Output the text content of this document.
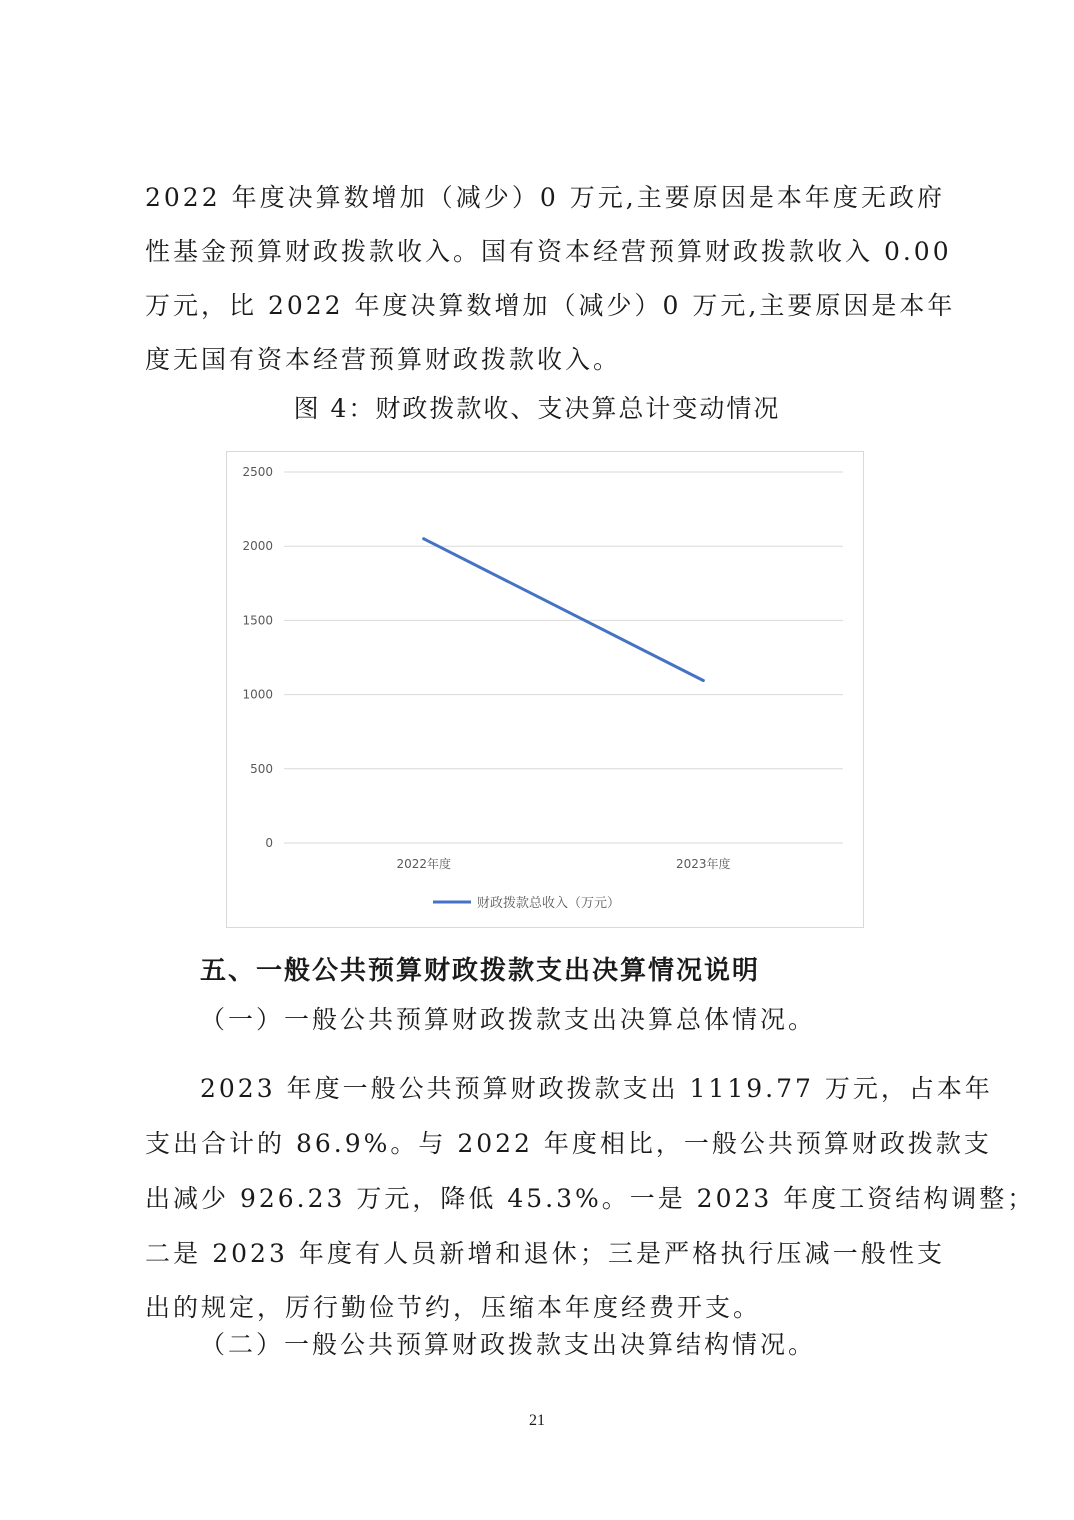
2022 年度决算数增加（减少）0 万元,主要原因是本年度无政府

性基金预算财政拨款收入。国有资本经营预算财政拨款收入 0.00

万元，比 2022 年度决算数增加（减少）0 万元,主要原因是本年

度无国有资本经营预算财政拨款收入。

图 4：财政拨款收、支决算总计变动情况

0
500
1000
1500
2000
2500
2022年度	2023年度
财政拨款总收入（万元）

五、一般公共预算财政拨款支出决算情况说明

（一）一般公共预算财政拨款支出决算总体情况。

2023 年度一般公共预算财政拨款支出 1119.77 万元，占本年

支出合计的 86.9%。与 2022 年度相比，一般公共预算财政拨款支

出减少 926.23 万元，降低 45.3%。一是 2023 年度工资结构调整；

二是 2023 年度有人员新增和退休；三是严格执行压减一般性支

出的规定，厉行勤俭节约，压缩本年度经费开支。

（二）一般公共预算财政拨款支出决算结构情况。

21
